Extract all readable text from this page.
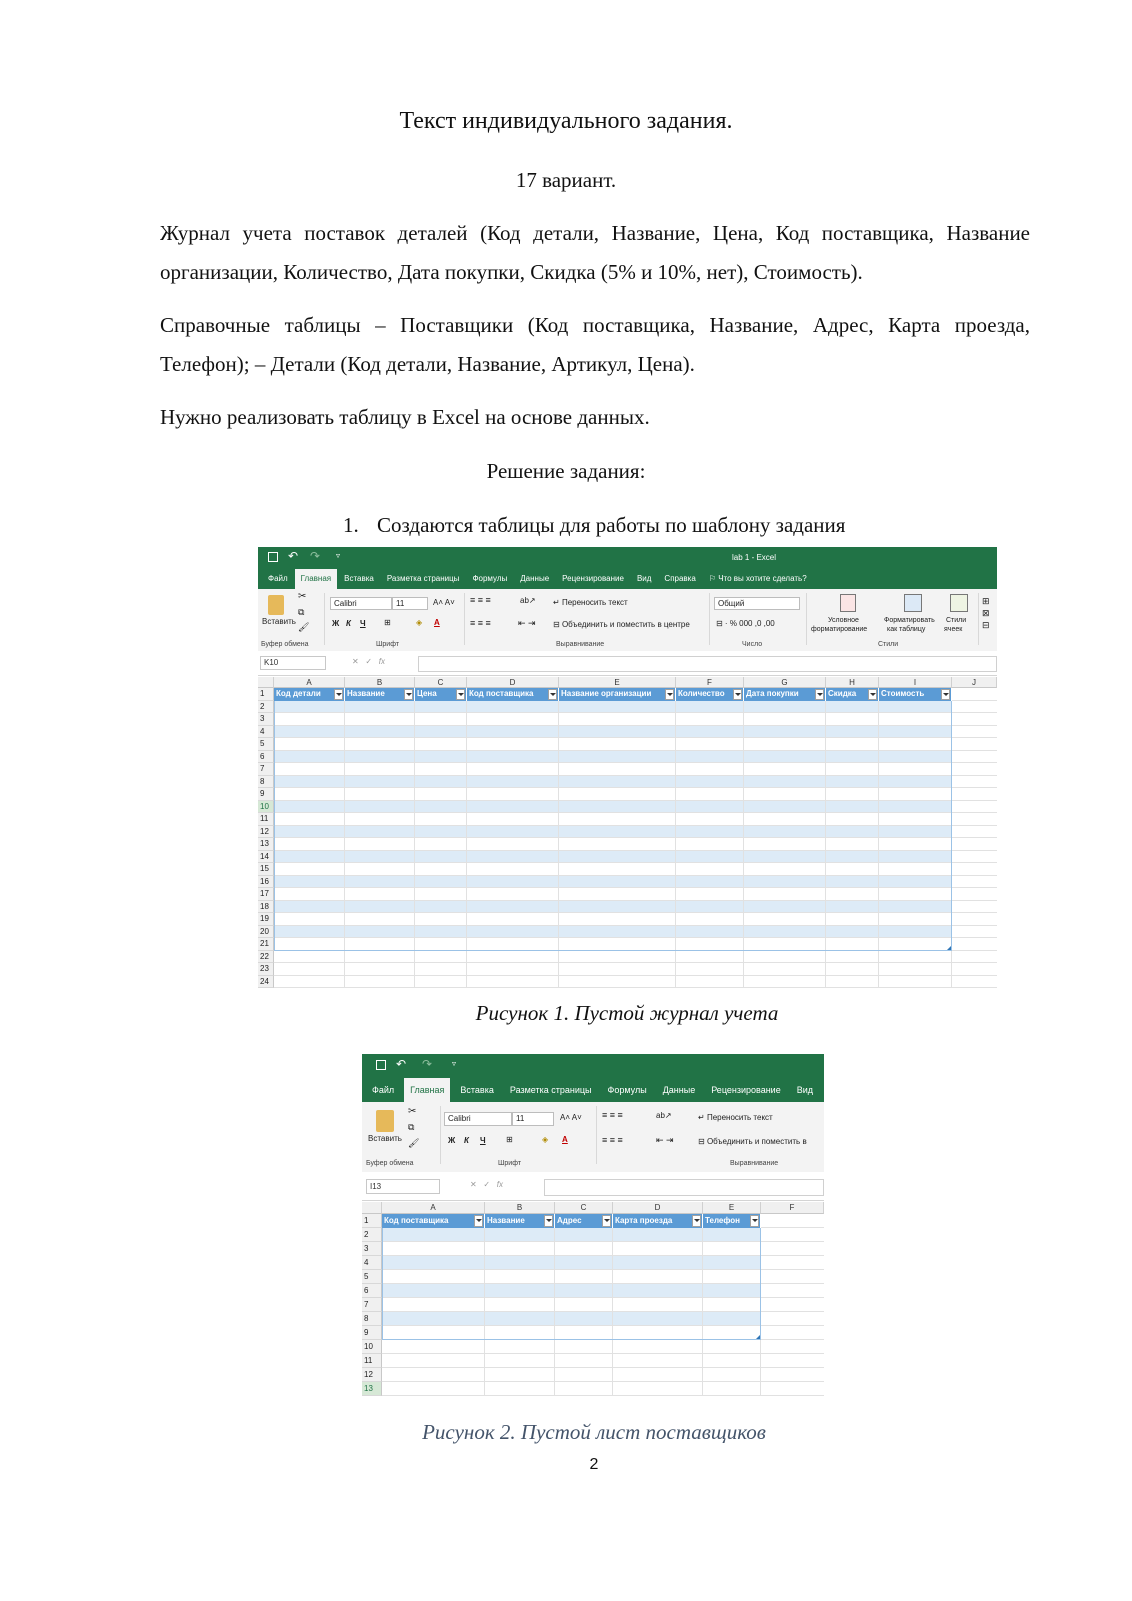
Текст индивидуального задания.
17 вариант.
Журнал учета поставок деталей (Код детали, Название, Цена, Код поставщика, Название организации, Количество, Дата покупки, Скидка (5% и 10%, нет), Стоимость).
Справочные таблицы – Поставщики (Код поставщика, Название, Адрес, Карта проезда, Телефон); – Детали (Код детали, Название, Артикул, Цена).
Нужно реализовать таблицу в Excel на основе данных.
Решение задания:
1. Создаются таблицы для работы по шаблону задания
↶ ↷ ▿	lab 1 - Excel
Файл Главная Вставка Разметка страницы Формулы Данные Рецензирование Вид Справка ⚐ Что вы хотите сделать?
Вставить
✂
⧉
🖌
Calibri	11	A˄ A˅
Ж К Ч ⊞	◈ A
≡ ≡ ≡	ab↗
≡ ≡ ≡	⇤ ⇥
↵ Переносить текст
⊟ Объединить и поместить в центре
Общий
⊟ · % 000 ,0 ,00	Условное
форматирование
Форматировать
как таблицу
Стили
ячеек
⊞
⊠
⊟
Буфер обмена	Шрифт	Выравнивание	Число	Стили
K10	✕   ✓   fx
A	B	C	D	E	F	G	H	I	J
Код детали	Название	Цена	Код поставщика	Название организации	Количество	Дата покупки	Скидка	Стоимость
1
2
3
4
5
6
7
8
9
10
11
12
13
14
15
16
17
18
19
20
21
22
23
24
Рисунок 1. Пустой журнал учета
↶ ↷ ▿
Файл Главная Вставка Разметка страницы Формулы Данные Рецензирование Вид
Вставить
✂
⧉
🖌
Calibri	11	A˄ A˅
Ж К Ч	⊞	◈ A
≡ ≡ ≡	ab↗
≡ ≡ ≡	⇤ ⇥
↵ Переносить текст
⊟ Объединить и поместить в
Буфер обмена	Шрифт	Выравнивание
I13	✕   ✓   fx
A	B	C	D	E	F
Код поставщика	Название	Адрес	Карта проезда	Телефон
1
2
3
4
5
6
7
8
9
10
11
12
13
Рисунок 2. Пустой лист поставщиков
2
